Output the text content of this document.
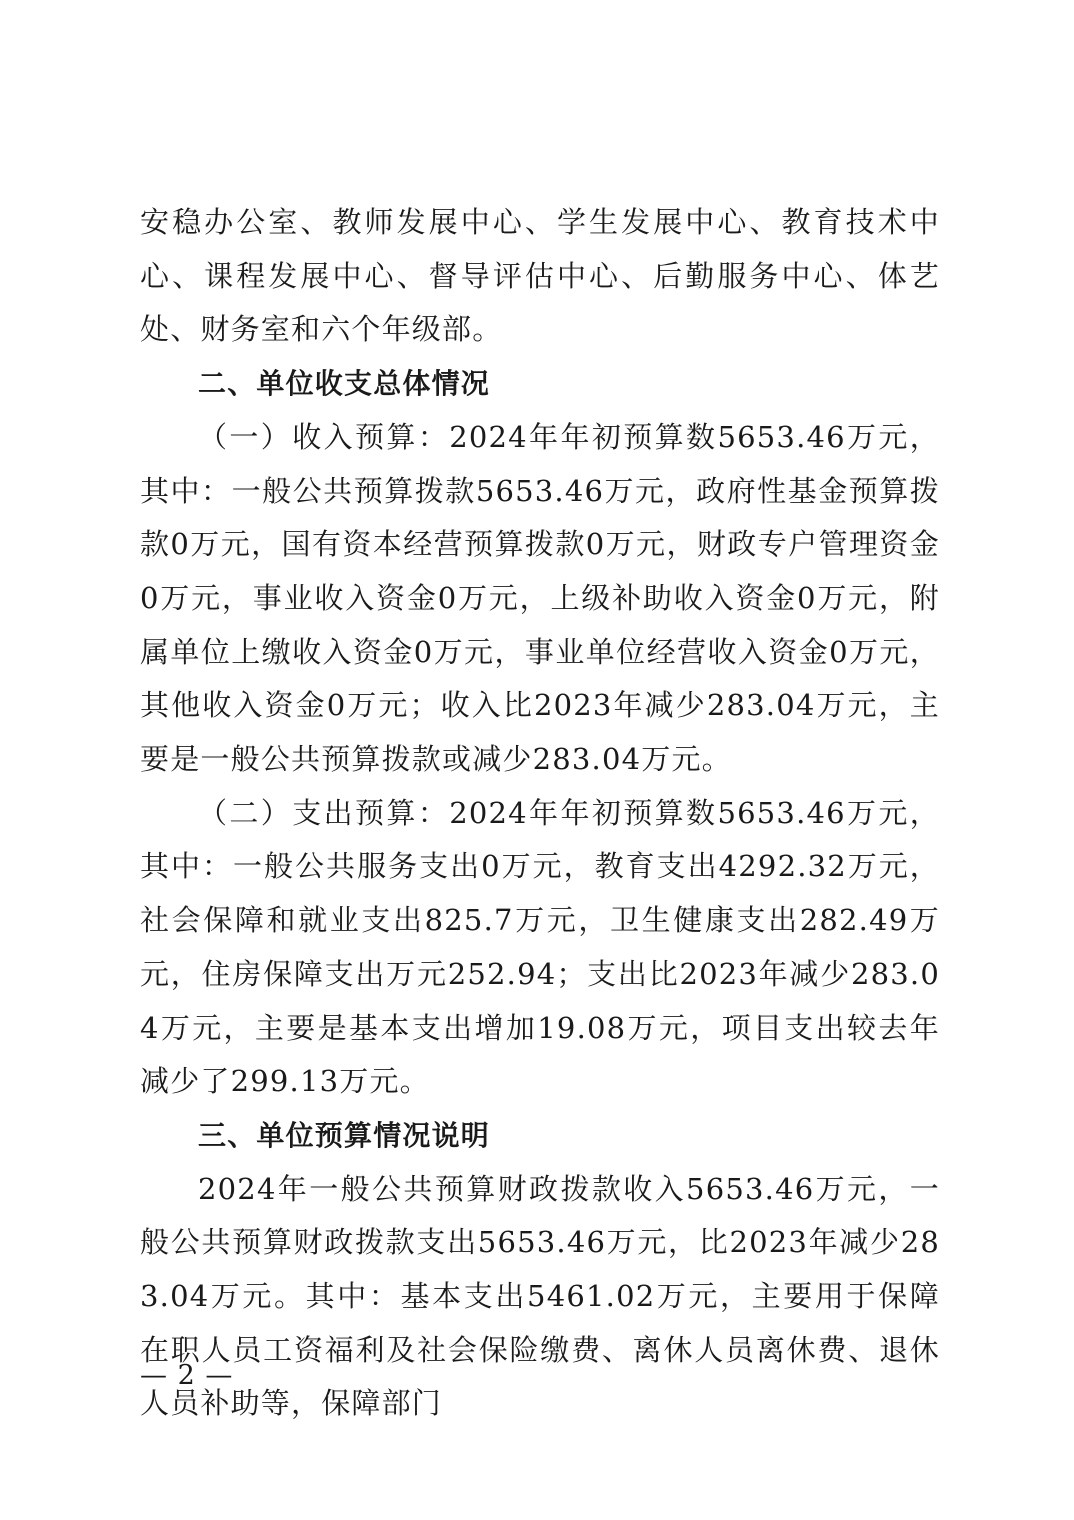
安稳办公室、教师发展中心、学生发展中心、教育技术中心、课程发展中心、督导评估中心、后勤服务中心、体艺处、财务室和六个年级部。

二、单位收支总体情况

（一）收入预算：2024年年初预算数5653.46万元，其中：一般公共预算拨款5653.46万元，政府性基金预算拨款0万元，国有资本经营预算拨款0万元，财政专户管理资金0万元，事业收入资金0万元，上级补助收入资金0万元，附属单位上缴收入资金0万元，事业单位经营收入资金0万元，其他收入资金0万元；收入比2023年减少283.04万元，主要是一般公共预算拨款或减少283.04万元。

（二）支出预算：2024年年初预算数5653.46万元，其中：一般公共服务支出0万元，教育支出4292.32万元，社会保障和就业支出825.7万元，卫生健康支出282.49万元，住房保障支出万元252.94；支出比2023年减少283.04万元，主要是基本支出增加19.08万元，项目支出较去年减少了299.13万元。

三、单位预算情况说明

2024年一般公共预算财政拨款收入5653.46万元，一般公共预算财政拨款支出5653.46万元，比2023年减少283.04万元。其中：基本支出5461.02万元，主要用于保障在职人员工资福利及社会保险缴费、离休人员离休费、退休人员补助等，保障部门

— 2 —
